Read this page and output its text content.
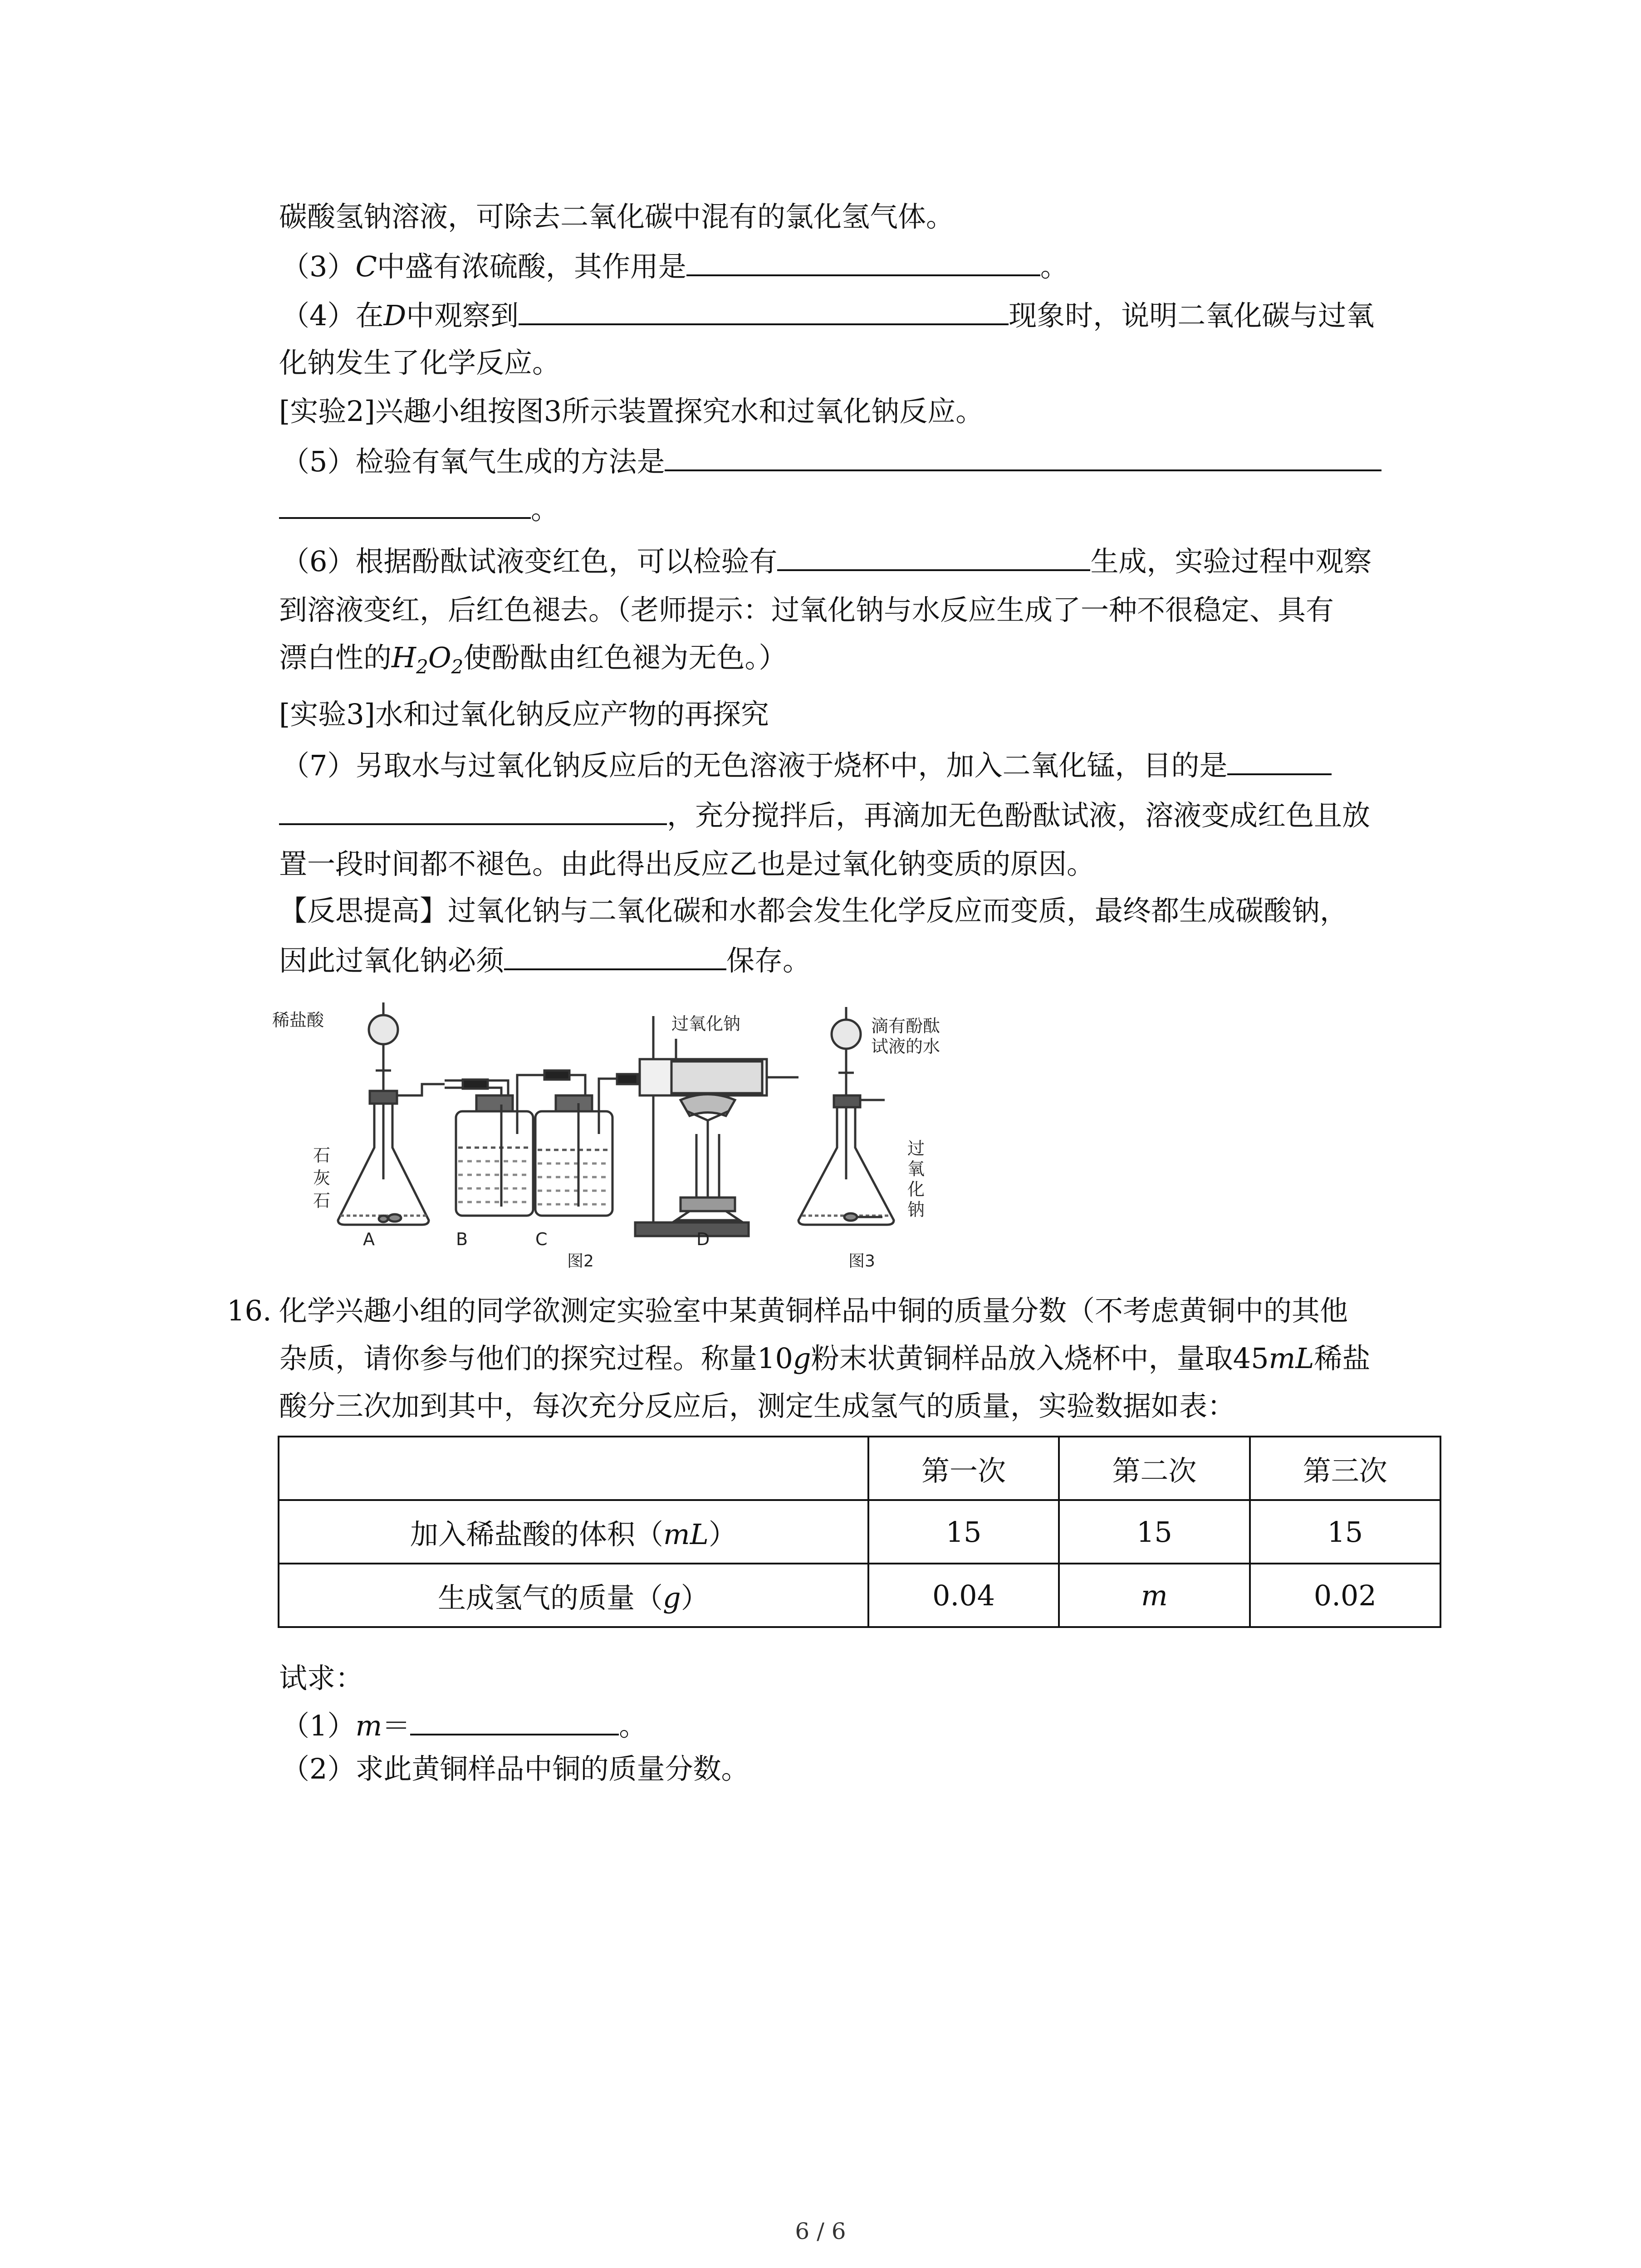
碳酸氢钠溶液，可除去二氧化碳中混有的氯化氢气体。
（3）C中盛有浓硫酸，其作用是	。
（4）在D中观察到	现象时，说明二氧化碳与过氧
化钠发生了化学反应。
[实验2]兴趣小组按图3所示装置探究水和过氧化钠反应。
（5）检验有氧气生成的方法是
。
（6）根据酚酞试液变红色，可以检验有	生成，实验过程中观察
到溶液变红，后红色褪去。（老师提示：过氧化钠与水反应生成了一种不很稳定、具有
漂白性的$H_2O_2$使酚酞由红色褪为无色。）
[实验3]水和过氧化钠反应产物的再探究
（7）另取水与过氧化钠反应后的无色溶液于烧杯中，加入二氧化锰，目的是
，充分搅拌后，再滴加无色酚酞试液，溶液变成红色且放
置一段时间都不褪色。由此得出反应乙也是过氧化钠变质的原因。
【反思提高】过氧化钠与二氧化碳和水都会发生化学反应而变质，最终都生成碳酸钠，
因此过氧化钠必须	保存。
稀盐酸
石
灰
石
过氧化钠	滴有酚酞
试液的水
过
氧
化
钠
A	B	C	D
图2	图3
16. 化学兴趣小组的同学欲测定实验室中某黄铜样品中铜的质量分数（不考虑黄铜中的其他
杂质，请你参与他们的探究过程。称量10g粉末状黄铜样品放入烧杯中，量取45mL稀盐
酸分三次加到其中，每次充分反应后，测定生成氢气的质量，实验数据如表：
	第一次	第二次	第三次
加入稀盐酸的体积（mL）	15	15	15
生成氢气的质量（g）	0.04	m	0.02
试求：
（1）m＝	。
（2）求此黄铜样品中铜的质量分数。
6 / 6
